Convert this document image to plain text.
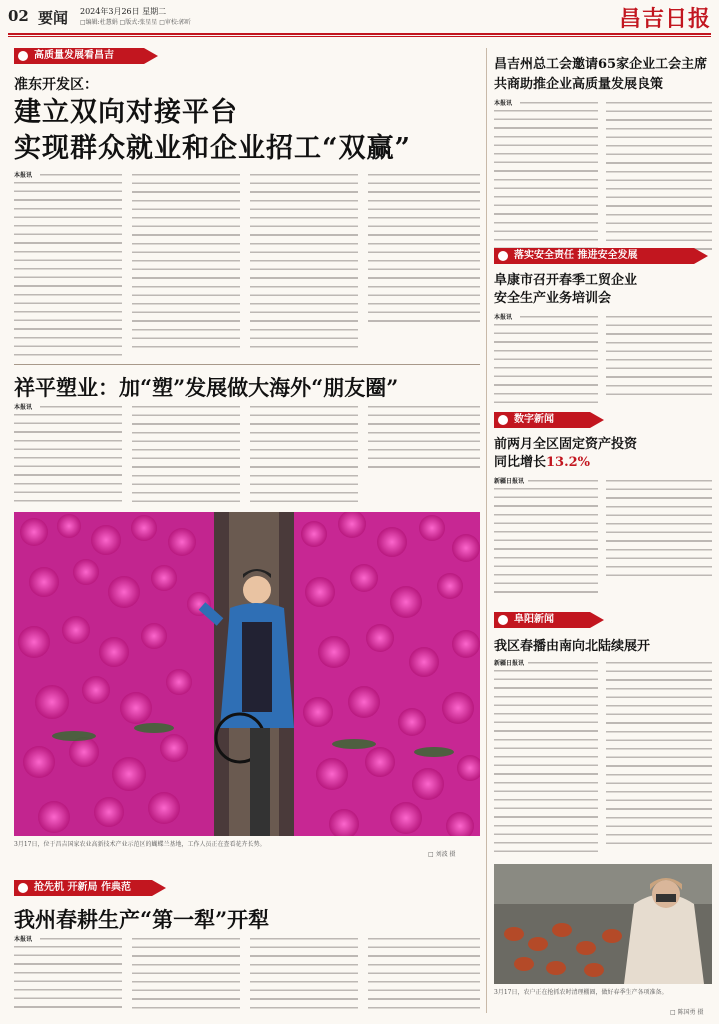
02 要闻 2024年3月26日 星期二
□编辑:杜慧娟 □版式:张星星 □审校:郭昕	昌吉日报
高质量发展看昌吉
准东开发区：
建立双向对接平台
实现群众就业和企业招工“双赢”
本报讯
祥平塑业：加“塑”发展做大海外“朋友圈”
本报讯
3月17日，位于昌吉国家农业高新技术产业示范区的蝴蝶兰基地，工作人员正在查看花卉长势。
□ 刘波 摄
抢先机 开新局 作典范
我州春耕生产“第一犁”开犁
本报讯
昌吉州总工会邀请65家企业工会主席
共商助推企业高质量发展良策
本报讯
落实安全责任 推进安全发展
阜康市召开春季工贸企业
安全生产业务培训会
本报讯
数字新闻
前两月全区固定资产投资
同比增长13.2%
新疆日报讯
阜阳新闻
我区春播由南向北陆续展开
新疆日报讯
3月17日，农户正在抢抓农时清理棚圈，做好春季生产各项准备。
□ 陈国勇 摄
